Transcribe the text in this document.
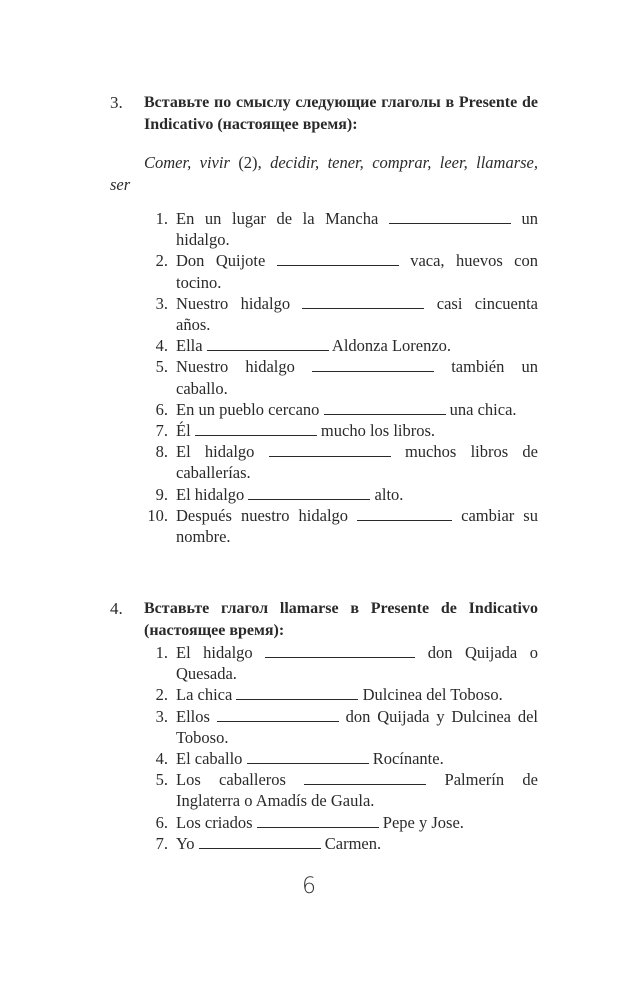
3.	Вставьте по смыслу следующие глаголы в Presente de Indicativo (настоящее время):
Comer, vivir (2), decidir, tener, comprar, leer, llamarse, ser
1. En un lugar de la Mancha	un hidalgo.
2. Don Quijote	vaca, huevos con tocino.
3. Nuestro hidalgo	casi cincuenta años.
4. Ella	Aldonza Lorenzo.
5. Nuestro hidalgo	también un caballo.
6. En un pueblo cercano	una chica.
7. Él	mucho los libros.
8. El hidalgo	muchos libros de caballerías.
9. El hidalgo	alto.
10. Después nuestro hidalgo	cambiar su nombre.
4.	Вставьте глагол llamarse в Presente de Indicativo (настоящее время):
1. El hidalgo	don Quijada o Quesada.
2. La chica	Dulcinea del Toboso.
3. Ellos	don Quijada y Dulcinea del Toboso.
4. El caballo	Rocínante.
5. Los caballeros	Palmerín de Inglaterra o Amadís de Gaula.
6. Los criados	Pepe y Jose.
7. Yo	Carmen.
6
